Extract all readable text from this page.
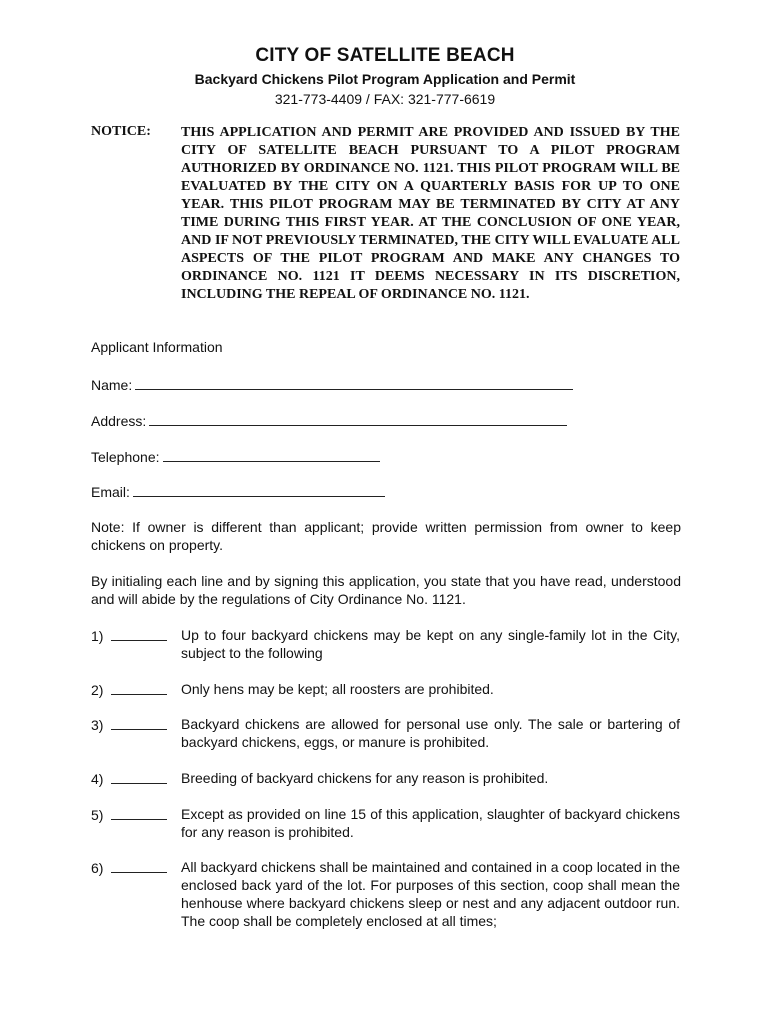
CITY OF SATELLITE BEACH
Backyard Chickens Pilot Program Application and Permit
321-773-4409 / FAX: 321-777-6619
NOTICE: THIS APPLICATION AND PERMIT ARE PROVIDED AND ISSUED BY THE CITY OF SATELLITE BEACH PURSUANT TO A PILOT PROGRAM AUTHORIZED BY ORDINANCE NO. 1121. THIS PILOT PROGRAM WILL BE EVALUATED BY THE CITY ON A QUARTERLY BASIS FOR UP TO ONE YEAR. THIS PILOT PROGRAM MAY BE TERMINATED BY CITY AT ANY TIME DURING THIS FIRST YEAR. AT THE CONCLUSION OF ONE YEAR, AND IF NOT PREVIOUSLY TERMINATED, THE CITY WILL EVALUATE ALL ASPECTS OF THE PILOT PROGRAM AND MAKE ANY CHANGES TO ORDINANCE NO. 1121 IT DEEMS NECESSARY IN ITS DISCRETION, INCLUDING THE REPEAL OF ORDINANCE NO. 1121.
Applicant Information
Name:
Address:
Telephone:
Email:
Note: If owner is different than applicant; provide written permission from owner to keep chickens on property.
By initialing each line and by signing this application, you state that you have read, understood and will abide by the regulations of City Ordinance No. 1121.
1)	Up to four backyard chickens may be kept on any single-family lot in the City, subject to the following
2)	Only hens may be kept; all roosters are prohibited.
3)	Backyard chickens are allowed for personal use only. The sale or bartering of backyard chickens, eggs, or manure is prohibited.
4)	Breeding of backyard chickens for any reason is prohibited.
5)	Except as provided on line 15 of this application, slaughter of backyard chickens for any reason is prohibited.
6)	All backyard chickens shall be maintained and contained in a coop located in the enclosed back yard of the lot. For purposes of this section, coop shall mean the henhouse where backyard chickens sleep or nest and any adjacent outdoor run. The coop shall be completely enclosed at all times;
